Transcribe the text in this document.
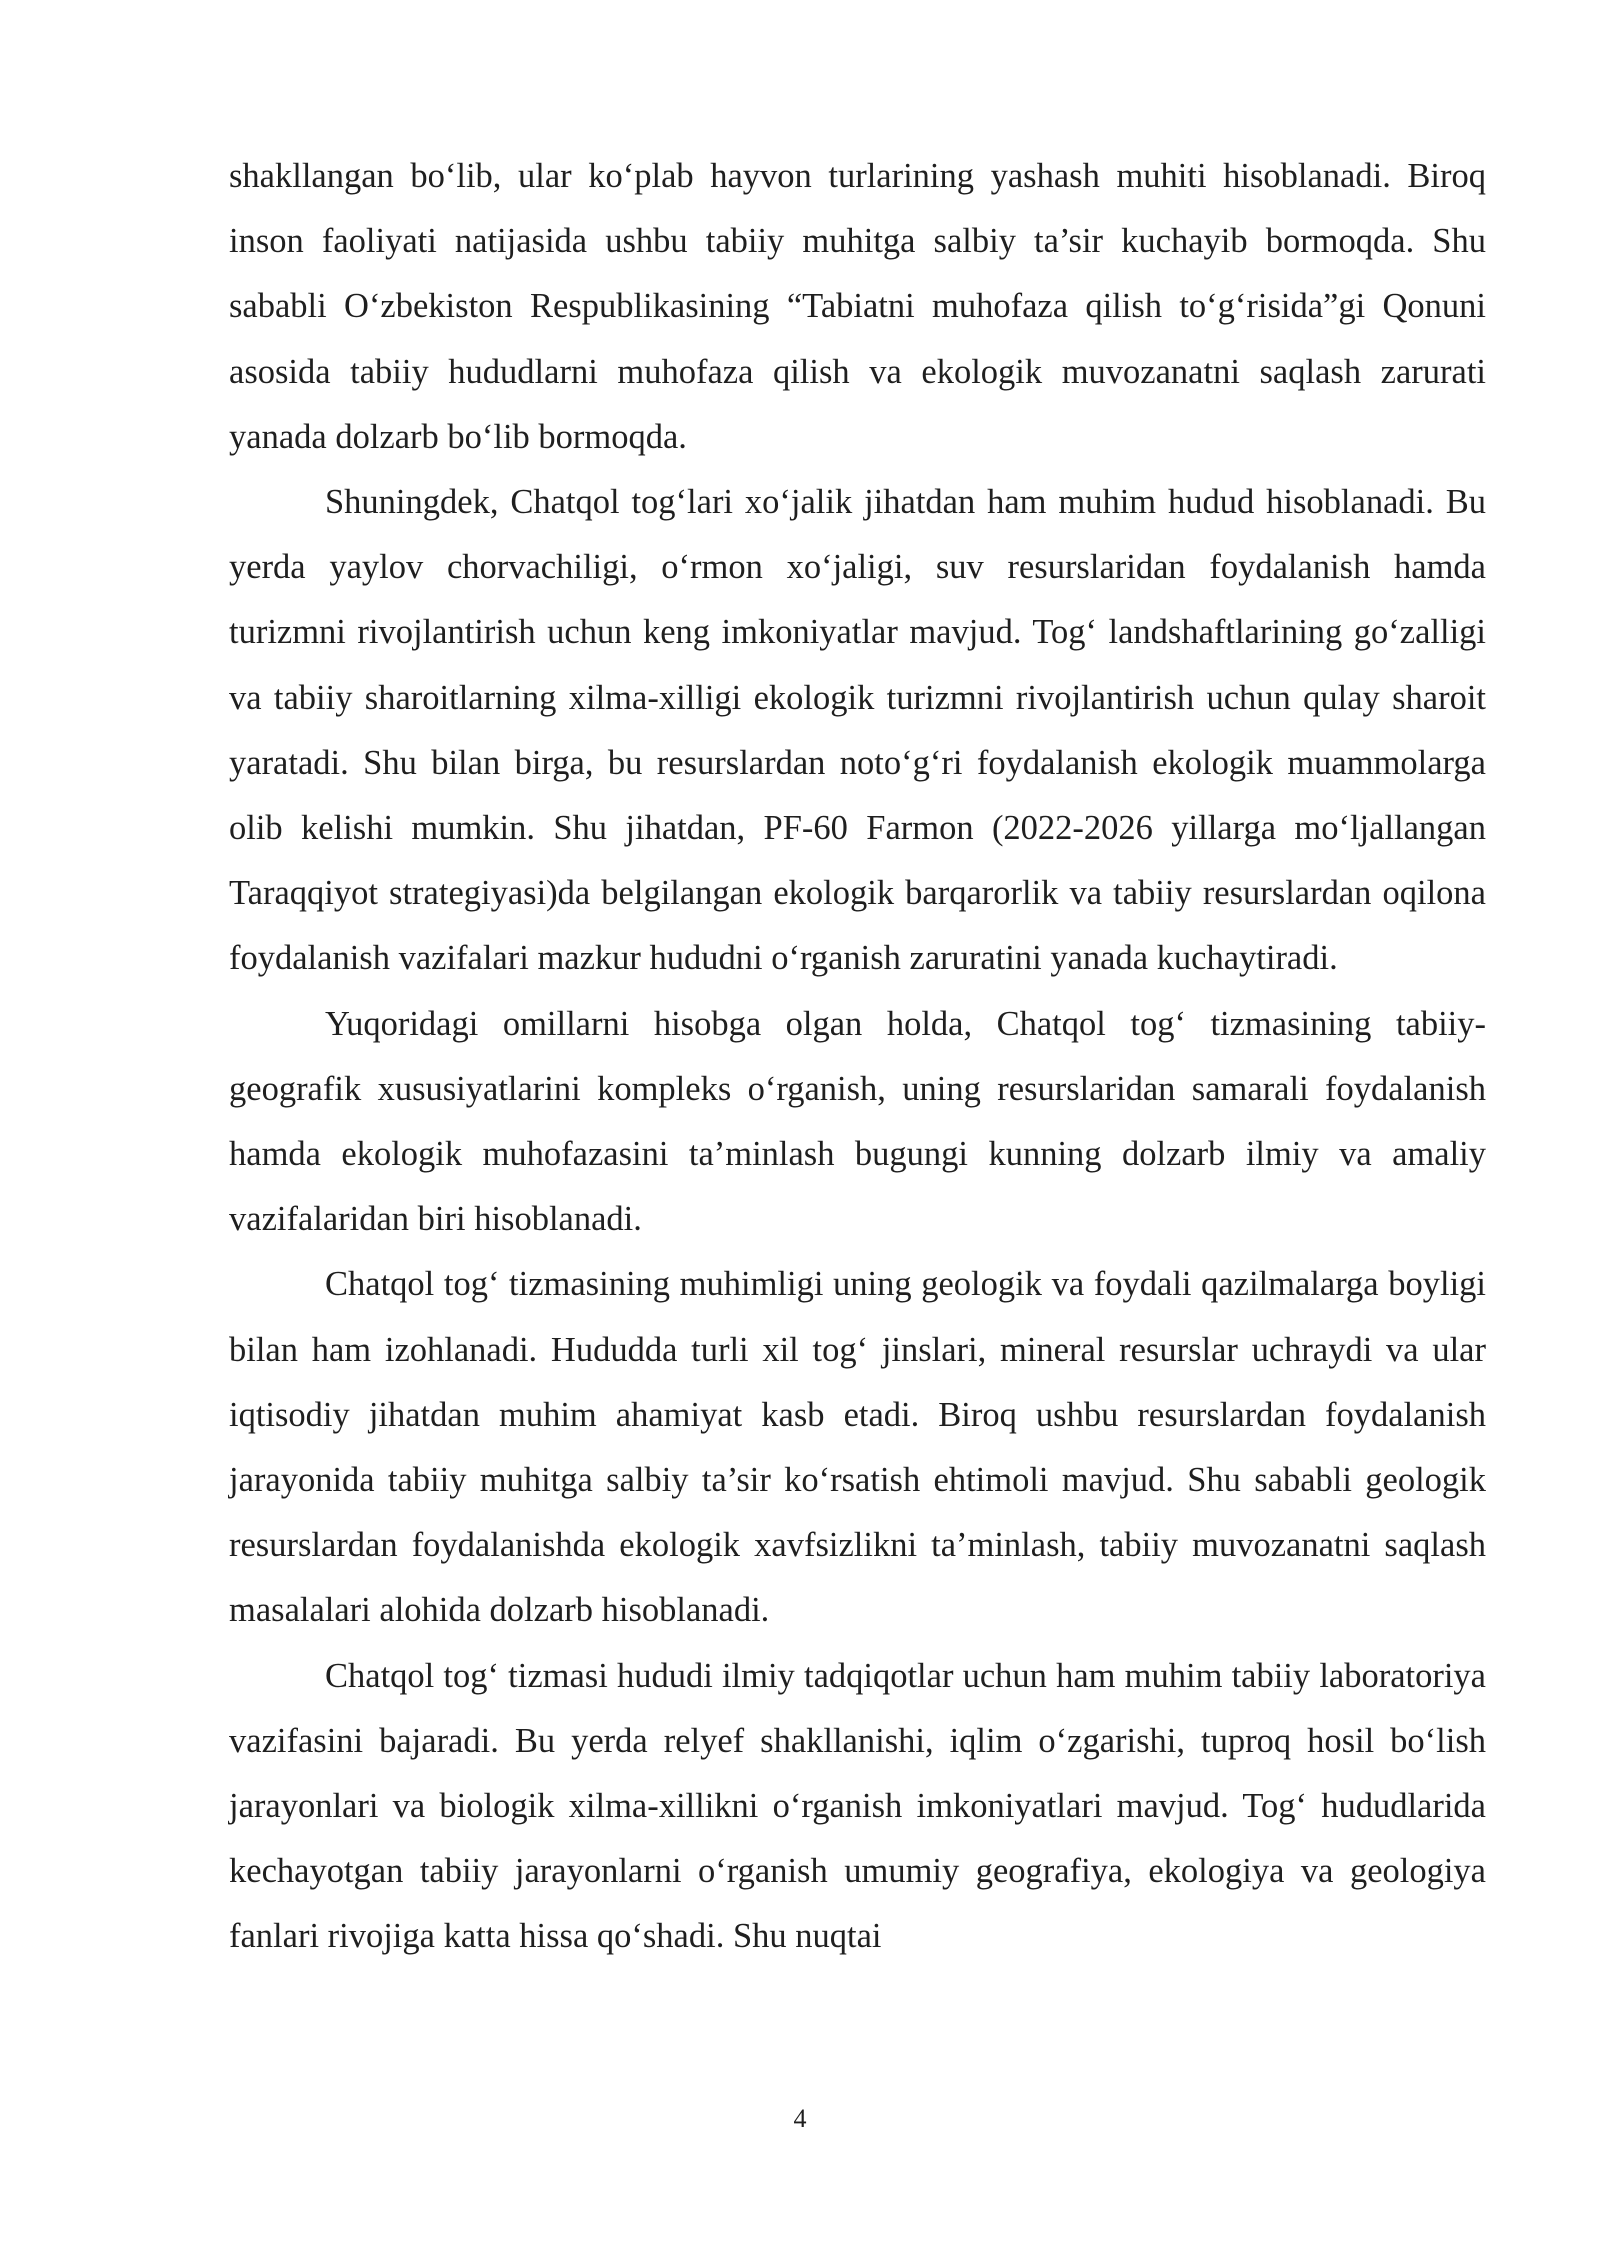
shakllangan bo‘lib, ular ko‘plab hayvon turlarining yashash muhiti hisoblanadi. Biroq inson faoliyati natijasida ushbu tabiiy muhitga salbiy ta’sir kuchayib bormoqda. Shu sababli O‘zbekiston Respublikasining “Tabiatni muhofaza qilish to‘g‘risida”gi Qonuni asosida tabiiy hududlarni muhofaza qilish va ekologik muvozanatni saqlash zarurati yanada dolzarb bo‘lib bormoqda.

Shuningdek, Chatqol tog‘lari xo‘jalik jihatdan ham muhim hudud hisoblanadi. Bu yerda yaylov chorvachiligi, o‘rmon xo‘jaligi, suv resurslaridan foydalanish hamda turizmni rivojlantirish uchun keng imkoniyatlar mavjud. Tog‘ landshaftlarining go‘zalligi va tabiiy sharoitlarning xilma-xilligi ekologik turizmni rivojlantirish uchun qulay sharoit yaratadi. Shu bilan birga, bu resurslardan noto‘g‘ri foydalanish ekologik muammolarga olib kelishi mumkin. Shu jihatdan, PF-60 Farmon (2022-2026 yillarga mo‘ljallangan Taraqqiyot strategiyasi)da belgilangan ekologik barqarorlik va tabiiy resurslardan oqilona foydalanish vazifalari mazkur hududni o‘rganish zaruratini yanada kuchaytiradi.

Yuqoridagi omillarni hisobga olgan holda, Chatqol tog‘ tizmasining tabiiy-geografik xususiyatlarini kompleks o‘rganish, uning resurslaridan samarali foydalanish hamda ekologik muhofazasini ta’minlash bugungi kunning dolzarb ilmiy va amaliy vazifalaridan biri hisoblanadi.

Chatqol tog‘ tizmasining muhimligi uning geologik va foydali qazilmalarga boyligi bilan ham izohlanadi. Hududda turli xil tog‘ jinslari, mineral resurslar uchraydi va ular iqtisodiy jihatdan muhim ahamiyat kasb etadi. Biroq ushbu resurslardan foydalanish jarayonida tabiiy muhitga salbiy ta’sir ko‘rsatish ehtimoli mavjud. Shu sababli geologik resurslardan foydalanishda ekologik xavfsizlikni ta’minlash, tabiiy muvozanatni saqlash masalalari alohida dolzarb hisoblanadi.

Chatqol tog‘ tizmasi hududi ilmiy tadqiqotlar uchun ham muhim tabiiy laboratoriya vazifasini bajaradi. Bu yerda relyef shakllanishi, iqlim o‘zgarishi, tuproq hosil bo‘lish jarayonlari va biologik xilma-xillikni o‘rganish imkoniyatlari mavjud. Tog‘ hududlarida kechayotgan tabiiy jarayonlarni o‘rganish umumiy geografiya, ekologiya va geologiya fanlari rivojiga katta hissa qo‘shadi. Shu nuqtai

4
